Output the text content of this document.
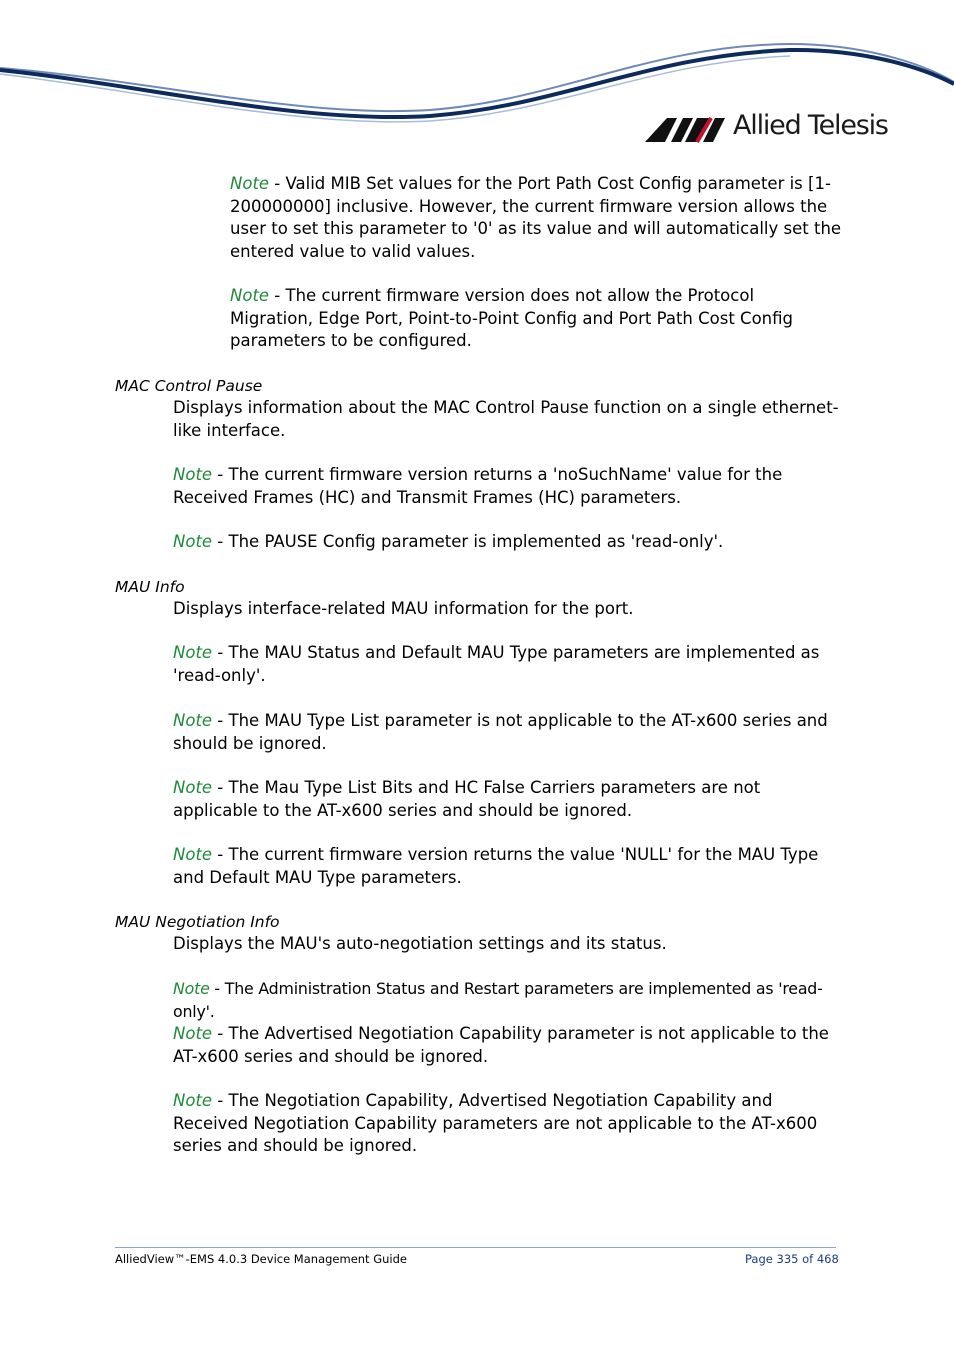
Allied Telesis

Note - Valid MIB Set values for the Port Path Cost Config parameter is [1-200000000] inclusive. However, the current firmware version allows the user to set this parameter to '0' as its value and will automatically set the entered value to valid values.

Note - The current firmware version does not allow the Protocol Migration, Edge Port, Point-to-Point Config and Port Path Cost Config parameters to be configured.

MAC Control Pause

Displays information about the MAC Control Pause function on a single ethernet-like interface.

Note - The current firmware version returns a 'noSuchName' value for the Received Frames (HC) and Transmit Frames (HC) parameters.

Note - The PAUSE Config parameter is implemented as 'read-only'.

MAU Info

Displays interface-related MAU information for the port.

Note - The MAU Status and Default MAU Type parameters are implemented as 'read-only'.

Note - The MAU Type List parameter is not applicable to the AT-x600 series and should be ignored.

Note - The Mau Type List Bits and HC False Carriers parameters are not applicable to the AT-x600 series and should be ignored.

Note - The current firmware version returns the value 'NULL' for the MAU Type and Default MAU Type parameters.

MAU Negotiation Info

Displays the MAU's auto-negotiation settings and its status.

Note - The Administration Status and Restart parameters are implemented as 'read-only'.

Note - The Advertised Negotiation Capability parameter is not applicable to the AT-x600 series and should be ignored.

Note - The Negotiation Capability, Advertised Negotiation Capability and Received Negotiation Capability parameters are not applicable to the AT-x600 series and should be ignored.

AlliedView™-EMS 4.0.3 Device Management Guide	Page 335 of 468
